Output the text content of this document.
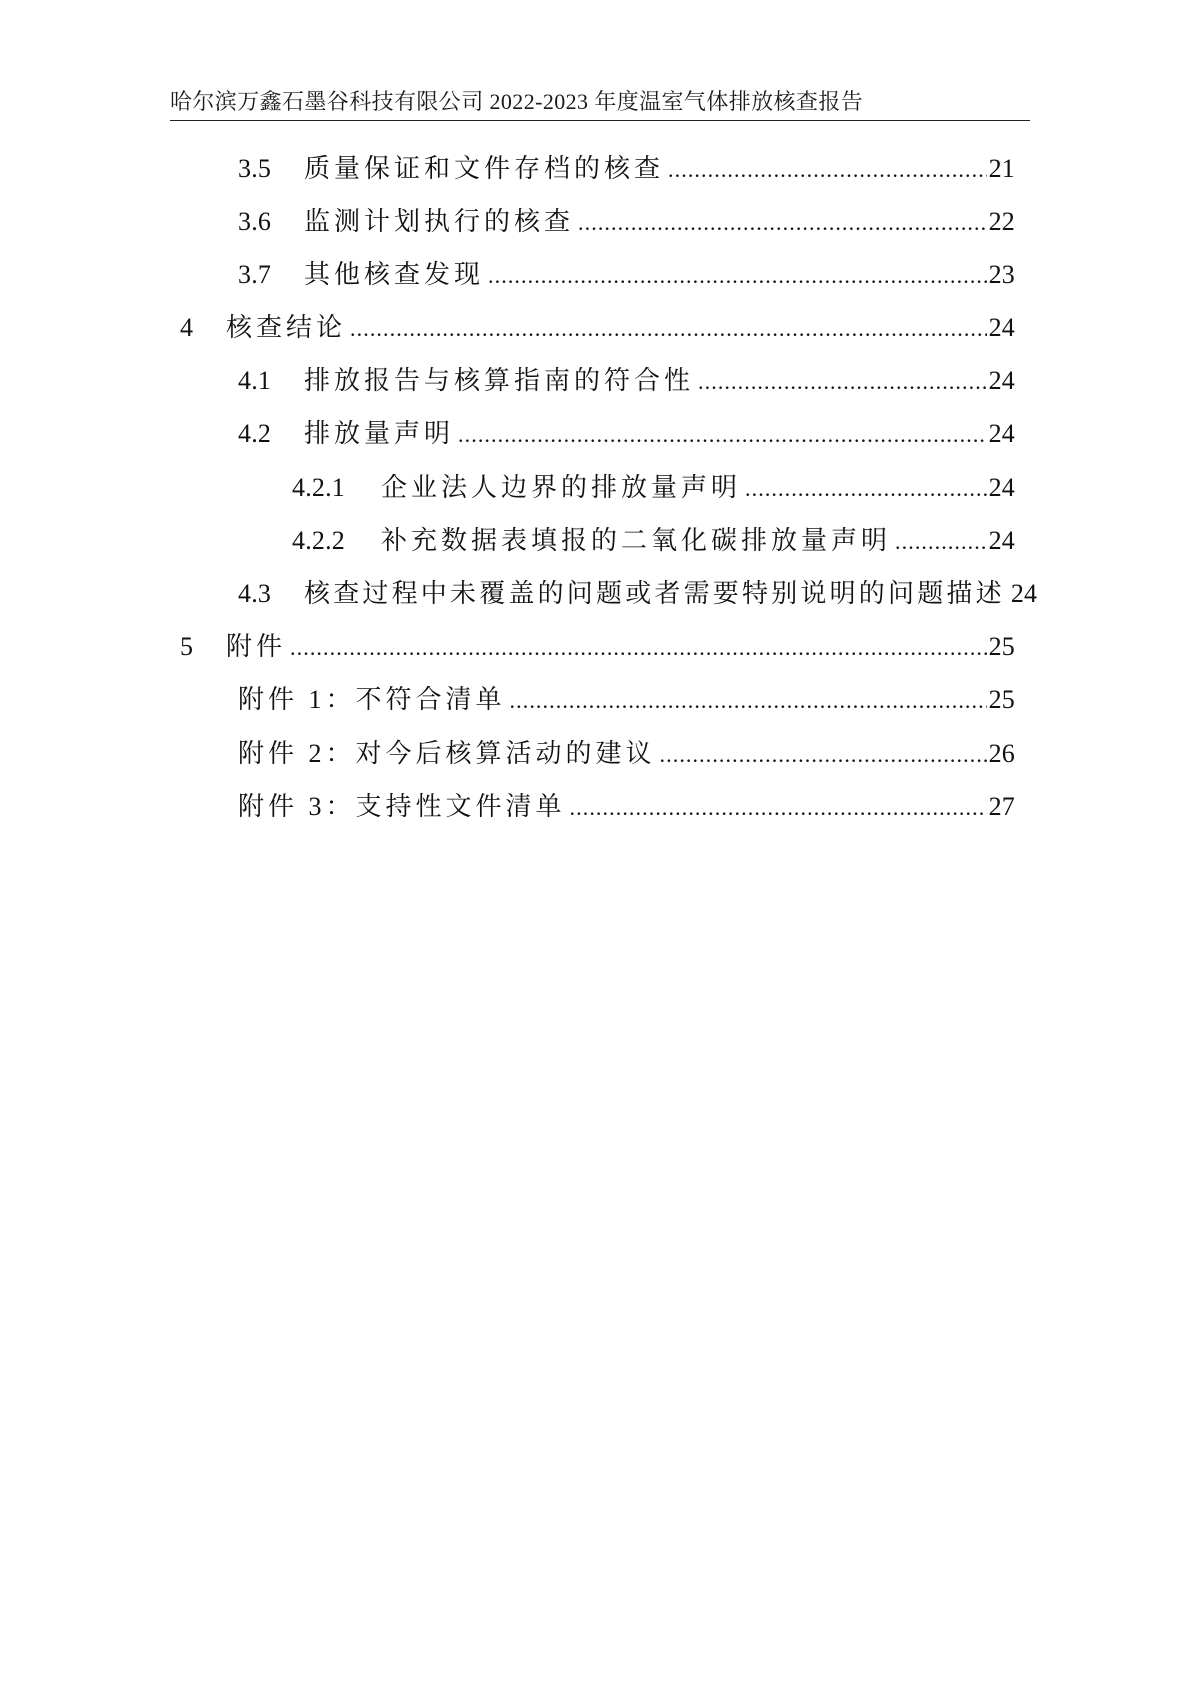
哈尔滨万鑫石墨谷科技有限公司 2022-2023 年度温室气体排放核查报告
3.5	质量保证和文件存档的核查 .....	21
3.6	监测计划执行的核查 .....	22
3.7	其他核查发现 .....	23
4	核查结论 .....	24
4.1	排放报告与核算指南的符合性 .....	24
4.2	排放量声明 .....	24
4.2.1	企业法人边界的排放量声明 .....	24
4.2.2	补充数据表填报的二氧化碳排放量声明 .....	24
4.3	核查过程中未覆盖的问题或者需要特别说明的问题描述 24
5	附件 .....	25
附件 1：不符合清单 .....	25
附件 2：对今后核算活动的建议 .....	26
附件 3：支持性文件清单 .....	27
